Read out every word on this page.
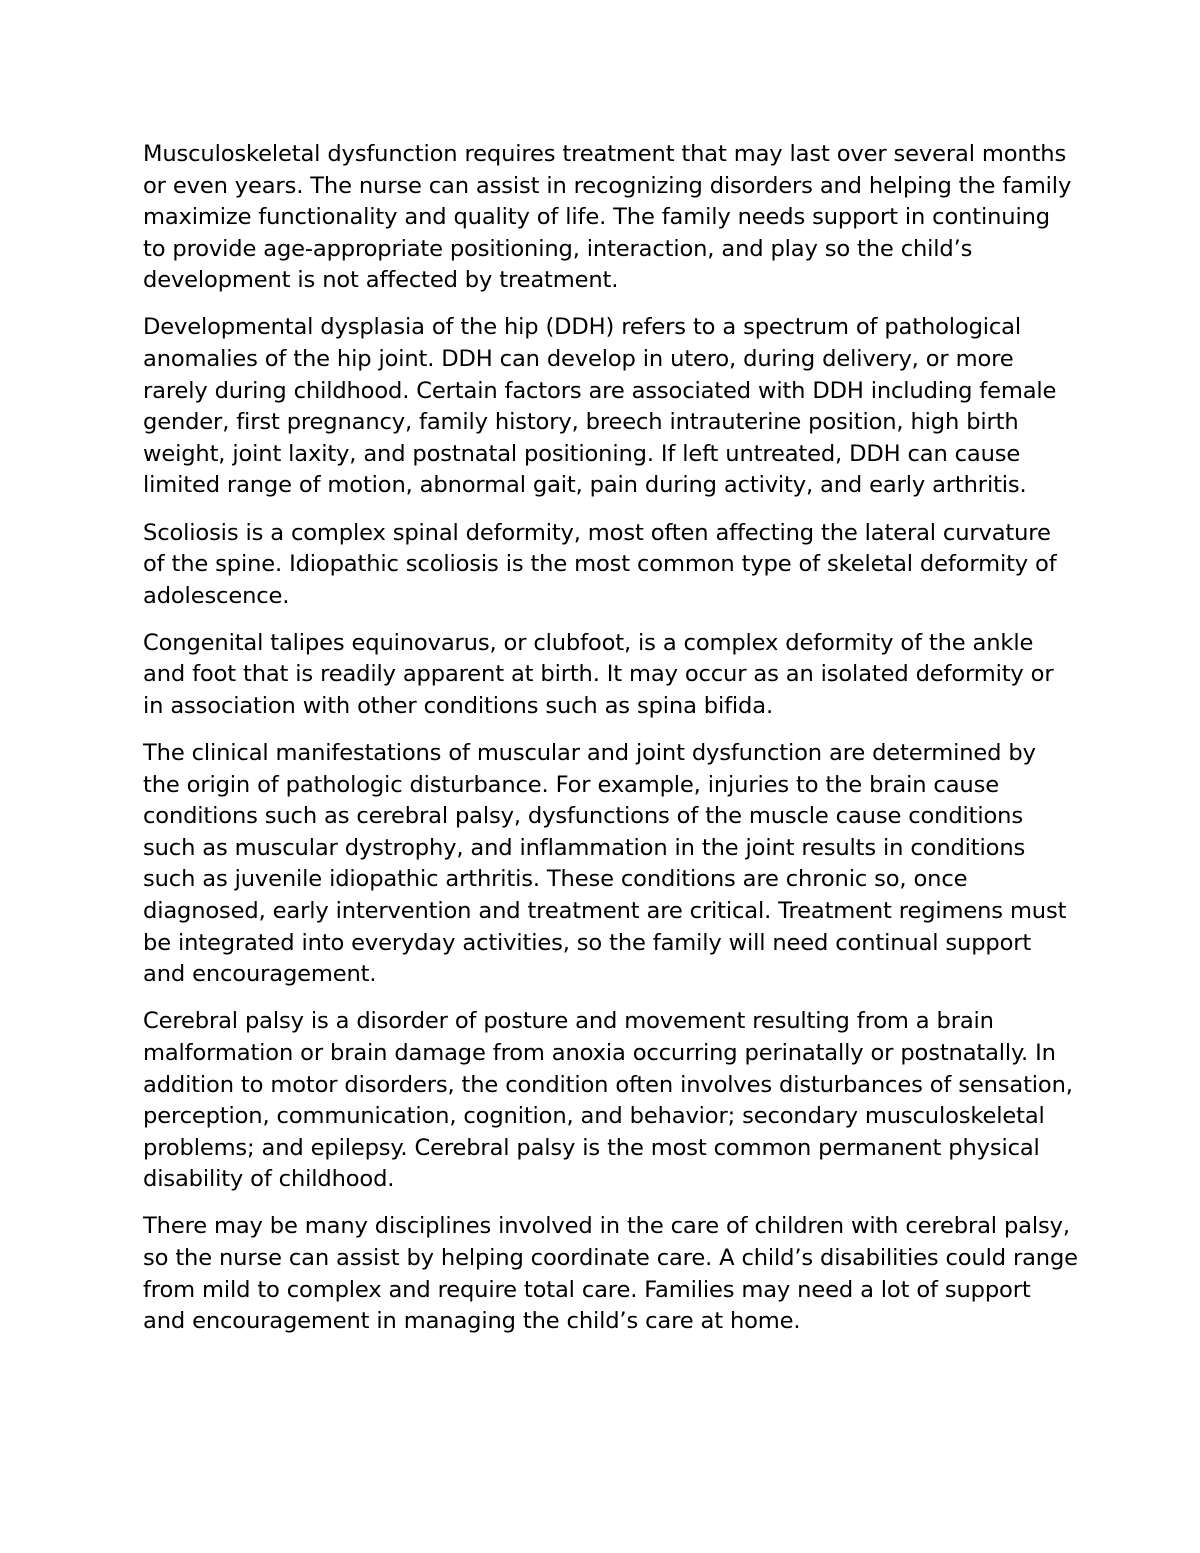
Musculoskeletal dysfunction requires treatment that may last over several months or even years. The nurse can assist in recognizing disorders and helping the family maximize functionality and quality of life. The family needs support in continuing to provide age-appropriate positioning, interaction, and play so the child’s development is not affected by treatment.

Developmental dysplasia of the hip (DDH) refers to a spectrum of pathological anomalies of the hip joint. DDH can develop in utero, during delivery, or more rarely during childhood. Certain factors are associated with DDH including female gender, first pregnancy, family history, breech intrauterine position, high birth weight, joint laxity, and postnatal positioning. If left untreated, DDH can cause limited range of motion, abnormal gait, pain during activity, and early arthritis.

Scoliosis is a complex spinal deformity, most often affecting the lateral curvature of the spine. Idiopathic scoliosis is the most common type of skeletal deformity of adolescence.

Congenital talipes equinovarus, or clubfoot, is a complex deformity of the ankle and foot that is readily apparent at birth. It may occur as an isolated deformity or in association with other conditions such as spina bifida.

The clinical manifestations of muscular and joint dysfunction are determined by the origin of pathologic disturbance. For example, injuries to the brain cause conditions such as cerebral palsy, dysfunctions of the muscle cause conditions such as muscular dystrophy, and inflammation in the joint results in conditions such as juvenile idiopathic arthritis. These conditions are chronic so, once diagnosed, early intervention and treatment are critical. Treatment regimens must be integrated into everyday activities, so the family will need continual support and encouragement.

Cerebral palsy is a disorder of posture and movement resulting from a brain malformation or brain damage from anoxia occurring perinatally or postnatally. In addition to motor disorders, the condition often involves disturbances of sensation, perception, communication, cognition, and behavior; secondary musculoskeletal problems; and epilepsy. Cerebral palsy is the most common permanent physical disability of childhood.

There may be many disciplines involved in the care of children with cerebral palsy, so the nurse can assist by helping coordinate care. A child’s disabilities could range from mild to complex and require total care. Families may need a lot of support and encouragement in managing the child’s care at home.
